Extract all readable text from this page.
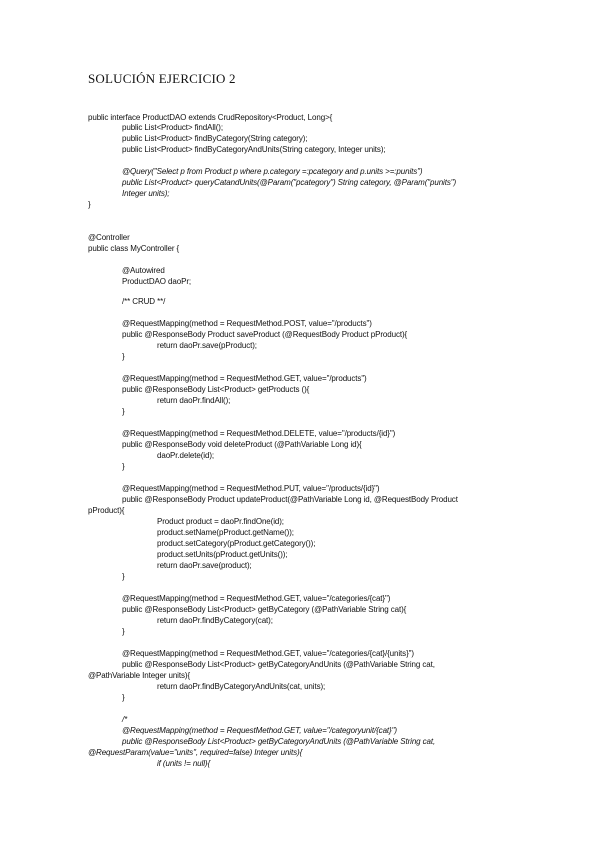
SOLUCIÓN EJERCICIO 2
public interface ProductDAO extends CrudRepository<Product, Long>{
public List<Product> findAll();
public List<Product> findByCategory(String category);
public List<Product> findByCategoryAndUnits(String category, Integer units);
@Query("Select p from Product p where p.category =:pcategory and p.units >=:punits")
public List<Product> queryCatandUnits(@Param("pcategory") String category, @Param("punits")
Integer units);
}
@Controller
public class MyController {
@Autowired
ProductDAO daoPr;
/** CRUD **/
@RequestMapping(method = RequestMethod.POST, value="/products")
public @ResponseBody Product saveProduct (@RequestBody Product pProduct){
return daoPr.save(pProduct);
}
@RequestMapping(method = RequestMethod.GET, value="/products")
public @ResponseBody List<Product> getProducts (){
return daoPr.findAll();
}
@RequestMapping(method = RequestMethod.DELETE, value="/products/{id}")
public @ResponseBody void deleteProduct (@PathVariable Long id){
daoPr.delete(id);
}
@RequestMapping(method = RequestMethod.PUT, value="/products/{id}")
public @ResponseBody Product updateProduct(@PathVariable Long id, @RequestBody Product
pProduct){
Product product = daoPr.findOne(id);
product.setName(pProduct.getName());
product.setCategory(pProduct.getCategory());
product.setUnits(pProduct.getUnits());
return daoPr.save(product);
}
@RequestMapping(method = RequestMethod.GET, value="/categories/{cat}")
public @ResponseBody List<Product> getByCategory (@PathVariable String cat){
return daoPr.findByCategory(cat);
}
@RequestMapping(method = RequestMethod.GET, value="/categories/{cat}/{units}")
public @ResponseBody List<Product> getByCategoryAndUnits (@PathVariable String cat,
@PathVariable Integer units){
return daoPr.findByCategoryAndUnits(cat, units);
}
/*
@RequestMapping(method = RequestMethod.GET, value="/categoryunit/{cat}")
public @ResponseBody List<Product> getByCategoryAndUnits (@PathVariable String cat,
@RequestParam(value="units", required=false) Integer units){
if (units != null){
